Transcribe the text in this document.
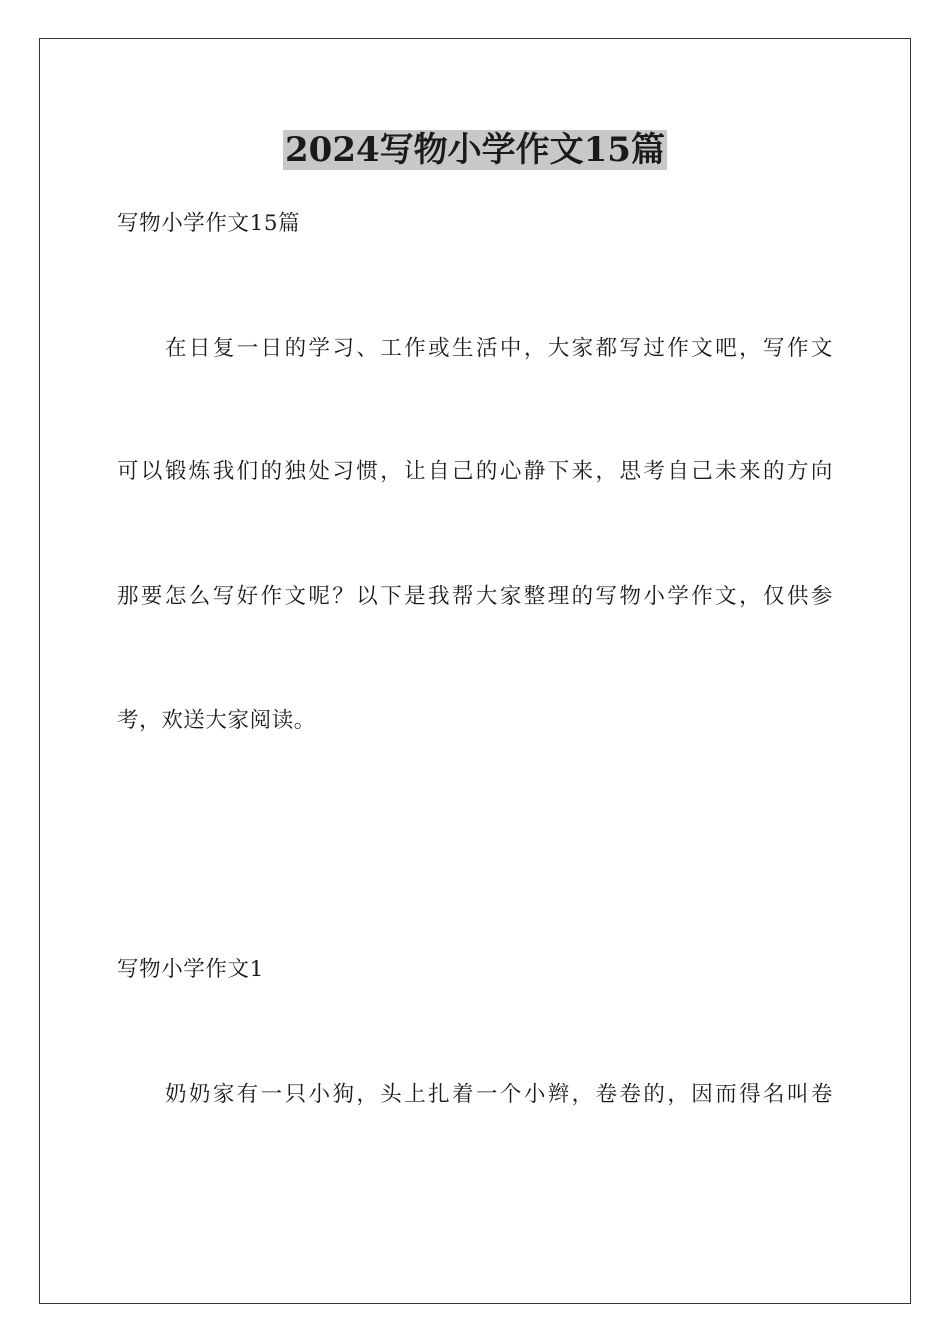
2024写物小学作文15篇
写物小学作文15篇
在日复一日的学习、工作或生活中，大家都写过作文吧，写作文
可以锻炼我们的独处习惯，让自己的心静下来，思考自己未来的方向
那要怎么写好作文呢？以下是我帮大家整理的写物小学作文，仅供参
考，欢送大家阅读。
写物小学作文1
奶奶家有一只小狗，头上扎着一个小辫，卷卷的，因而得名叫卷
